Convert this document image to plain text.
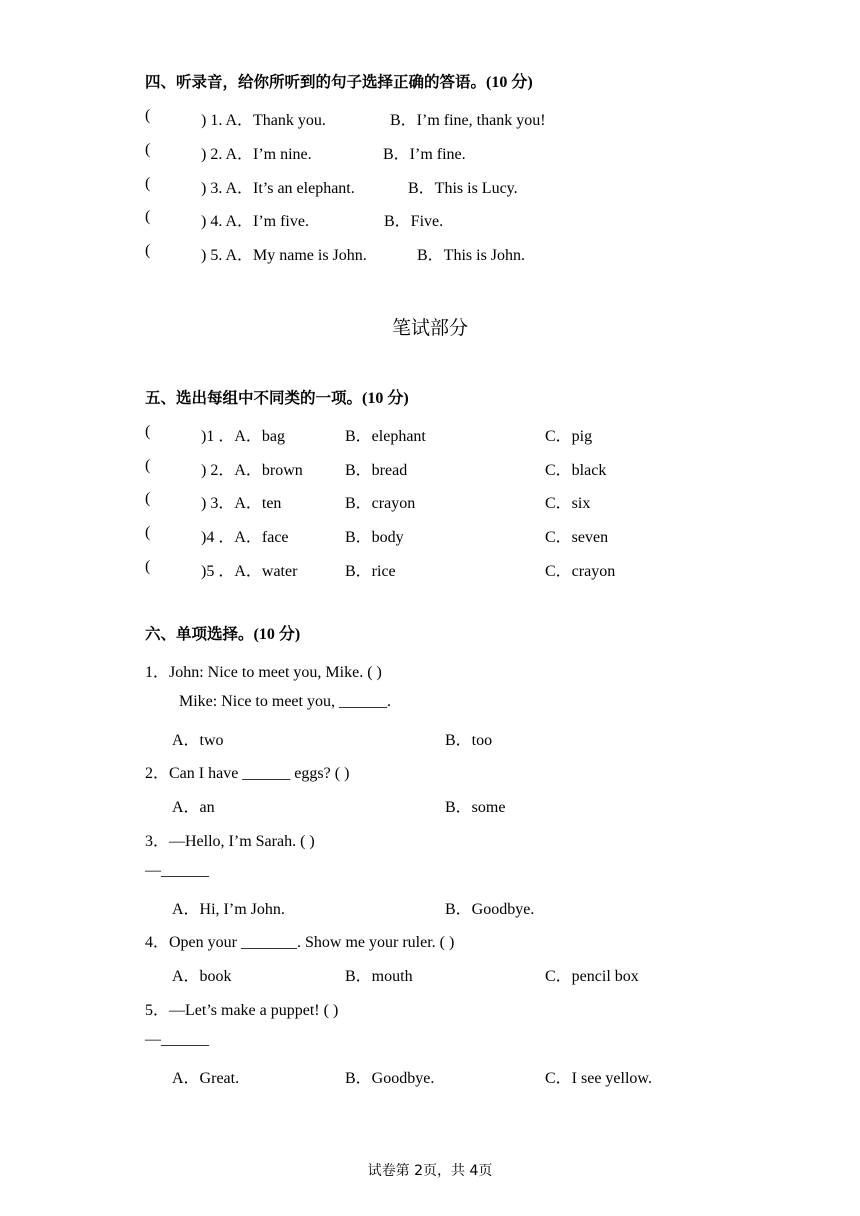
四、听录音，给你所听到的句子选择正确的答语。(10 分)
(	) 1. A．Thank you.	B．I’m fine, thank you!
(	) 2. A．I’m nine.	B．I’m fine.
(	) 3. A．It’s an elephant.	B．This is Lucy.
(	) 4. A．I’m five.	B．Five.
(	) 5. A．My name is John.	B．This is John.
笔试部分
五、选出每组中不同类的一项。(10 分)
(	)1 ．A．bag	B．elephant	C．pig
(	) 2．A．brown	B．bread	C．black
(	) 3．A．ten	B．crayon	C．six
(	)4 ．A．face	B．body	C．seven
(	)5 ．A．water	B．rice	C．crayon
六、单项选择。(10 分)
1．John: Nice to meet you, Mike. ( )
Mike: Nice to meet you, ______.
A．two	B．too
2．Can I have ______ eggs? ( )
A．an	B．some
3．—Hello, I’m Sarah. ( )
—______
A．Hi, I’m John.	B．Goodbye.
4．Open your _______. Show me your ruler. ( )
A．book	B．mouth	C．pencil box
5．—Let’s make a puppet! ( )
—______
A．Great.	B．Goodbye.	C．I see yellow.
试卷第 2页，共 4页
